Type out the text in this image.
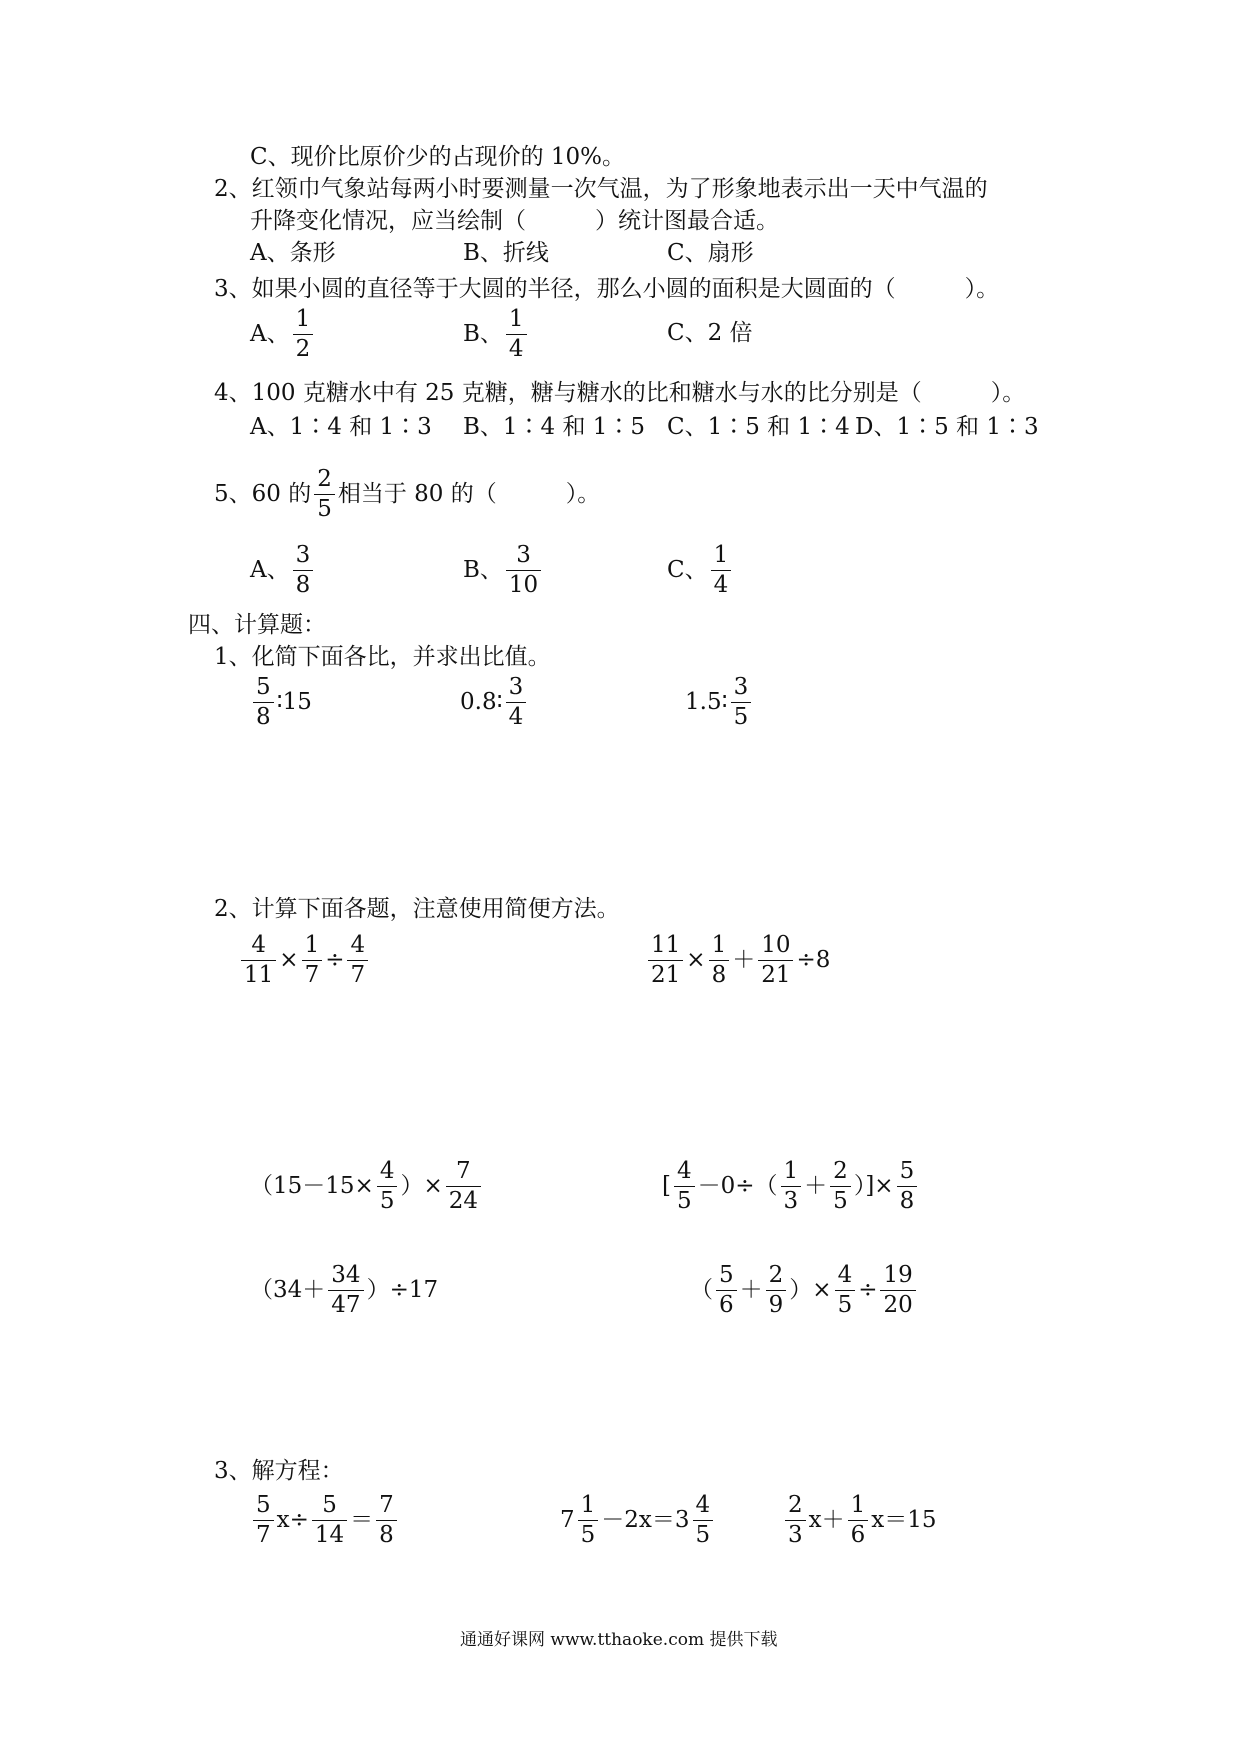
C、现价比原价少的占现价的 10%。
2、红领巾气象站每两小时要测量一次气温，为了形象地表示出一天中气温的
升降变化情况，应当绘制（　　　）统计图最合适。
A、条形	B、折线	C、扇形
3、如果小圆的直径等于大圆的半径，那么小圆的面积是大圆面的（　　　）。
A、 $\frac{1}{2}$	B、 $\frac{1}{4}$	C、2 倍
4、100 克糖水中有 25 克糖，糖与糖水的比和糖水与水的比分别是（　　　）。
A、1∶4 和 1∶3 B、1∶4 和 1∶5 C、1∶5 和 1∶4 D、1∶5 和 1∶3
5、60 的 $\frac{2}{5}$ 相当于 80 的（　　　）。
A、 $\frac{3}{8}$	B、 $\frac{3}{10}$	C、 $\frac{1}{4}$
四、计算题：
1、化简下面各比，并求出比值。
$\frac{5}{8}$ ∶15	0.8∶ $\frac{3}{4}$	1.5∶ $\frac{3}{5}$
2、计算下面各题，注意使用简便方法。
$\frac{4}{11} \times \frac{1}{7} \div \frac{4}{7}$	$\frac{11}{21} \times \frac{1}{8} + \frac{10}{21} \div 8$
（$15-15\times \frac{4}{5}$ ）× $\frac{7}{24}$	[ $\frac{4}{5} -0\div( \frac{1}{3} + \frac{2}{5}$ ）]× $\frac{5}{8}$
$(34+ \frac{34}{47} )\div 17$	（ $\frac{5}{6} + \frac{2}{9}$ ）× $\frac{4}{5} \div \frac{19}{20}$
3、解方程：
$\frac{5}{7} x\div \frac{5}{14} = \frac{7}{8}$	$7 \frac{1}{5} -2x=3 \frac{4}{5}$	$\frac{2}{3} x+ \frac{1}{6} x=15$
通通好课网 www.tthaoke.com 提供下载
